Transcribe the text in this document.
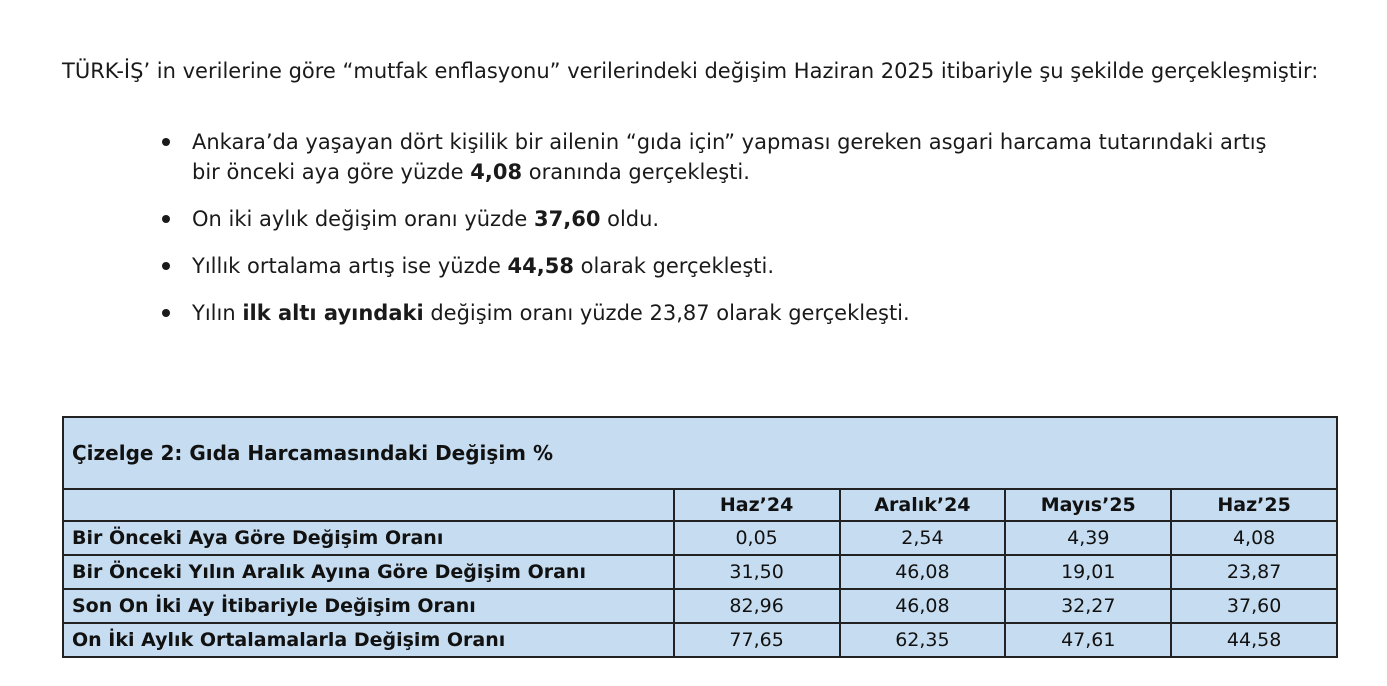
TÜRK-İŞ’ in verilerine göre “mutfak enflasyonu” verilerindeki değişim Haziran 2025 itibariyle şu şekilde gerçekleşmiştir:

Ankara’da yaşayan dört kişilik bir ailenin “gıda için” yapması gereken asgari harcama tutarındaki artış bir önceki aya göre yüzde 4,08 oranında gerçekleşti.
On iki aylık değişim oranı yüzde 37,60 oldu.
Yıllık ortalama artış ise yüzde 44,58 olarak gerçekleşti.
Yılın ilk altı ayındaki değişim oranı yüzde 23,87 olarak gerçekleşti.
Çizelge 2: Gıda Harcamasındaki Değişim %				
	Haz’24	Aralık’24	Mayıs’25	Haz’25
Bir Önceki Aya Göre Değişim Oranı	0,05	2,54	4,39	4,08
Bir Önceki Yılın Aralık Ayına Göre Değişim Oranı	31,50	46,08	19,01	23,87
Son On İki Ay İtibariyle Değişim Oranı	82,96	46,08	32,27	37,60
On İki Aylık Ortalamalarla Değişim Oranı	77,65	62,35	47,61	44,58
